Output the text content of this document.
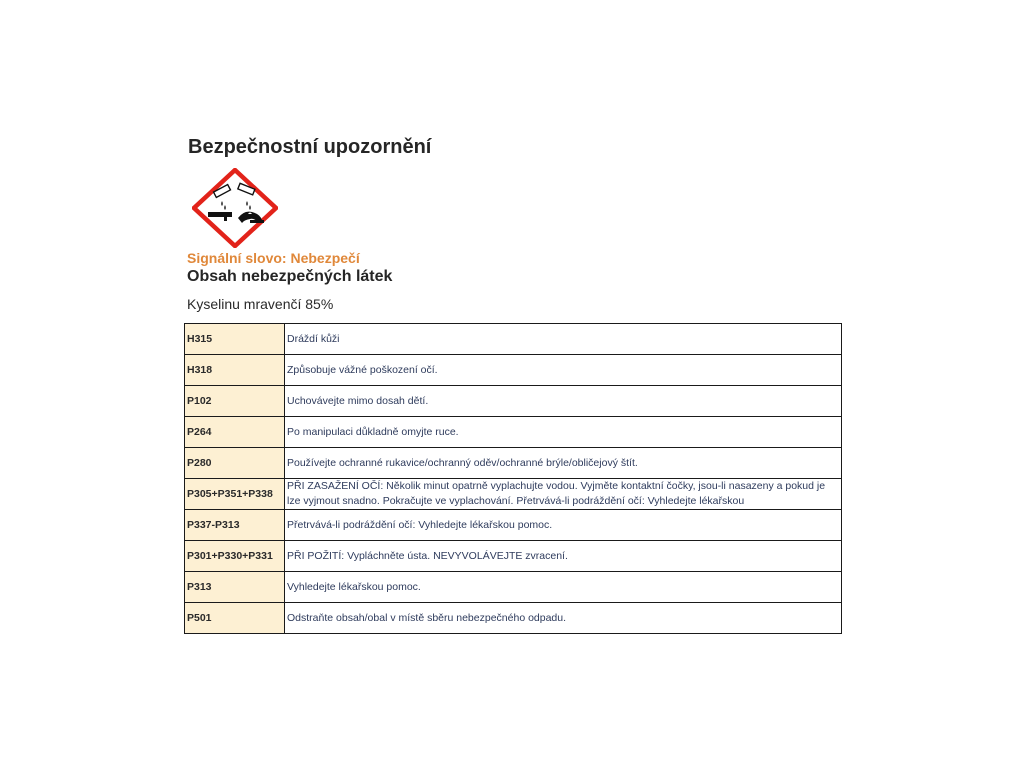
Bezpečnostní upozornění
Signální slovo: Nebezpečí
Obsah nebezpečných látek
Kyselinu mravenčí 85%
H315	Dráždí kůži
H318	Způsobuje vážné poškození očí.
P102	Uchovávejte mimo dosah dětí.
P264	Po manipulaci důkladně omyjte ruce.
P280	Používejte ochranné rukavice/ochranný oděv/ochranné brýle/obličejový štít.
P305+P351+P338	PŘI ZASAŽENÍ OČÍ: Několik minut opatrně vyplachujte vodou. Vyjměte kontaktní čočky, jsou-li nasazeny a pokud je lze vyjmout snadno. Pokračujte ve vyplachování. Přetrvává-li podráždění očí: Vyhledejte lékařskou
P337-P313	Přetrvává-li podráždění očí: Vyhledejte lékařskou pomoc.
P301+P330+P331	PŘI POŽITÍ: Vypláchněte ústa. NEVYVOLÁVEJTE zvracení.
P313	Vyhledejte lékařskou pomoc.
P501	Odstraňte obsah/obal v místě sběru nebezpečného odpadu.
